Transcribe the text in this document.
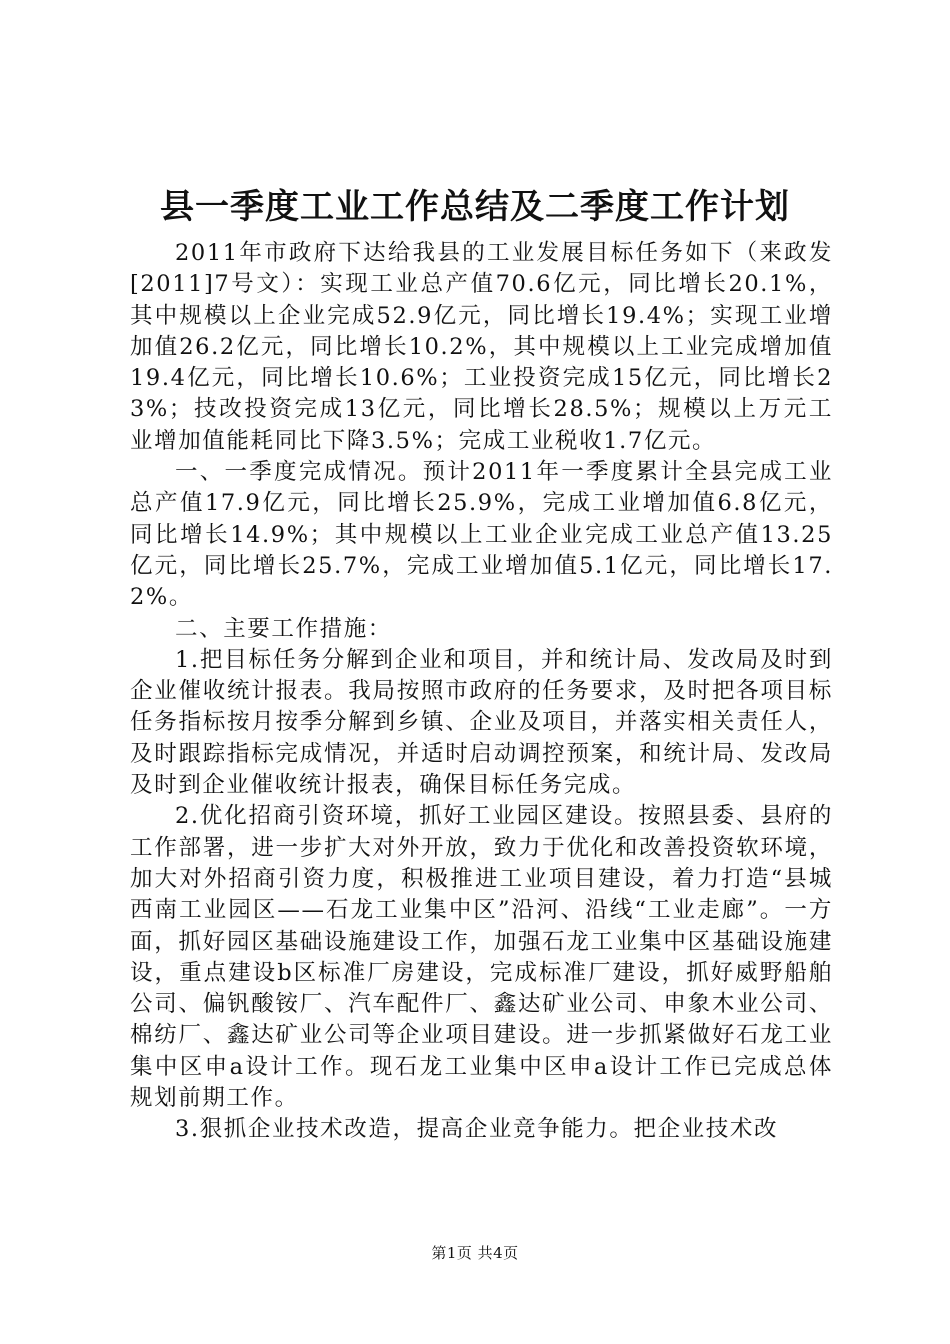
县一季度工业工作总结及二季度工作计划

2011年市政府下达给我县的工业发展目标任务如下（来政发[2011]7号文）：实现工业总产值70.6亿元，同比增长20.1%，其中规模以上企业完成52.9亿元，同比增长19.4%；实现工业增加值26.2亿元，同比增长10.2%，其中规模以上工业完成增加值19.4亿元，同比增长10.6%；工业投资完成15亿元，同比增长23%；技改投资完成13亿元，同比增长28.5%；规模以上万元工业增加值能耗同比下降3.5%；完成工业税收1.7亿元。

一、一季度完成情况。预计2011年一季度累计全县完成工业总产值17.9亿元，同比增长25.9%，完成工业增加值6.8亿元，同比增长14.9%；其中规模以上工业企业完成工业总产值13.25亿元，同比增长25.7%，完成工业增加值5.1亿元，同比增长17.2%。

二、主要工作措施：

1.把目标任务分解到企业和项目，并和统计局、发改局及时到企业催收统计报表。我局按照市政府的任务要求，及时把各项目标任务指标按月按季分解到乡镇、企业及项目，并落实相关责任人，及时跟踪指标完成情况，并适时启动调控预案，和统计局、发改局及时到企业催收统计报表，确保目标任务完成。

2.优化招商引资环境，抓好工业园区建设。按照县委、县府的工作部署，进一步扩大对外开放，致力于优化和改善投资软环境，加大对外招商引资力度，积极推进工业项目建设，着力打造“县城西南工业园区——石龙工业集中区”沿河、沿线“工业走廊”。一方面，抓好园区基础设施建设工作，加强石龙工业集中区基础设施建设，重点建设b区标准厂房建设，完成标准厂建设，抓好威野船舶公司、偏钒酸铵厂、汽车配件厂、鑫达矿业公司、申象木业公司、棉纺厂、鑫达矿业公司等企业项目建设。进一步抓紧做好石龙工业集中区申a设计工作。现石龙工业集中区申a设计工作已完成总体规划前期工作。

3.狠抓企业技术改造，提高企业竞争能力。把企业技术改

第1页 共4页
